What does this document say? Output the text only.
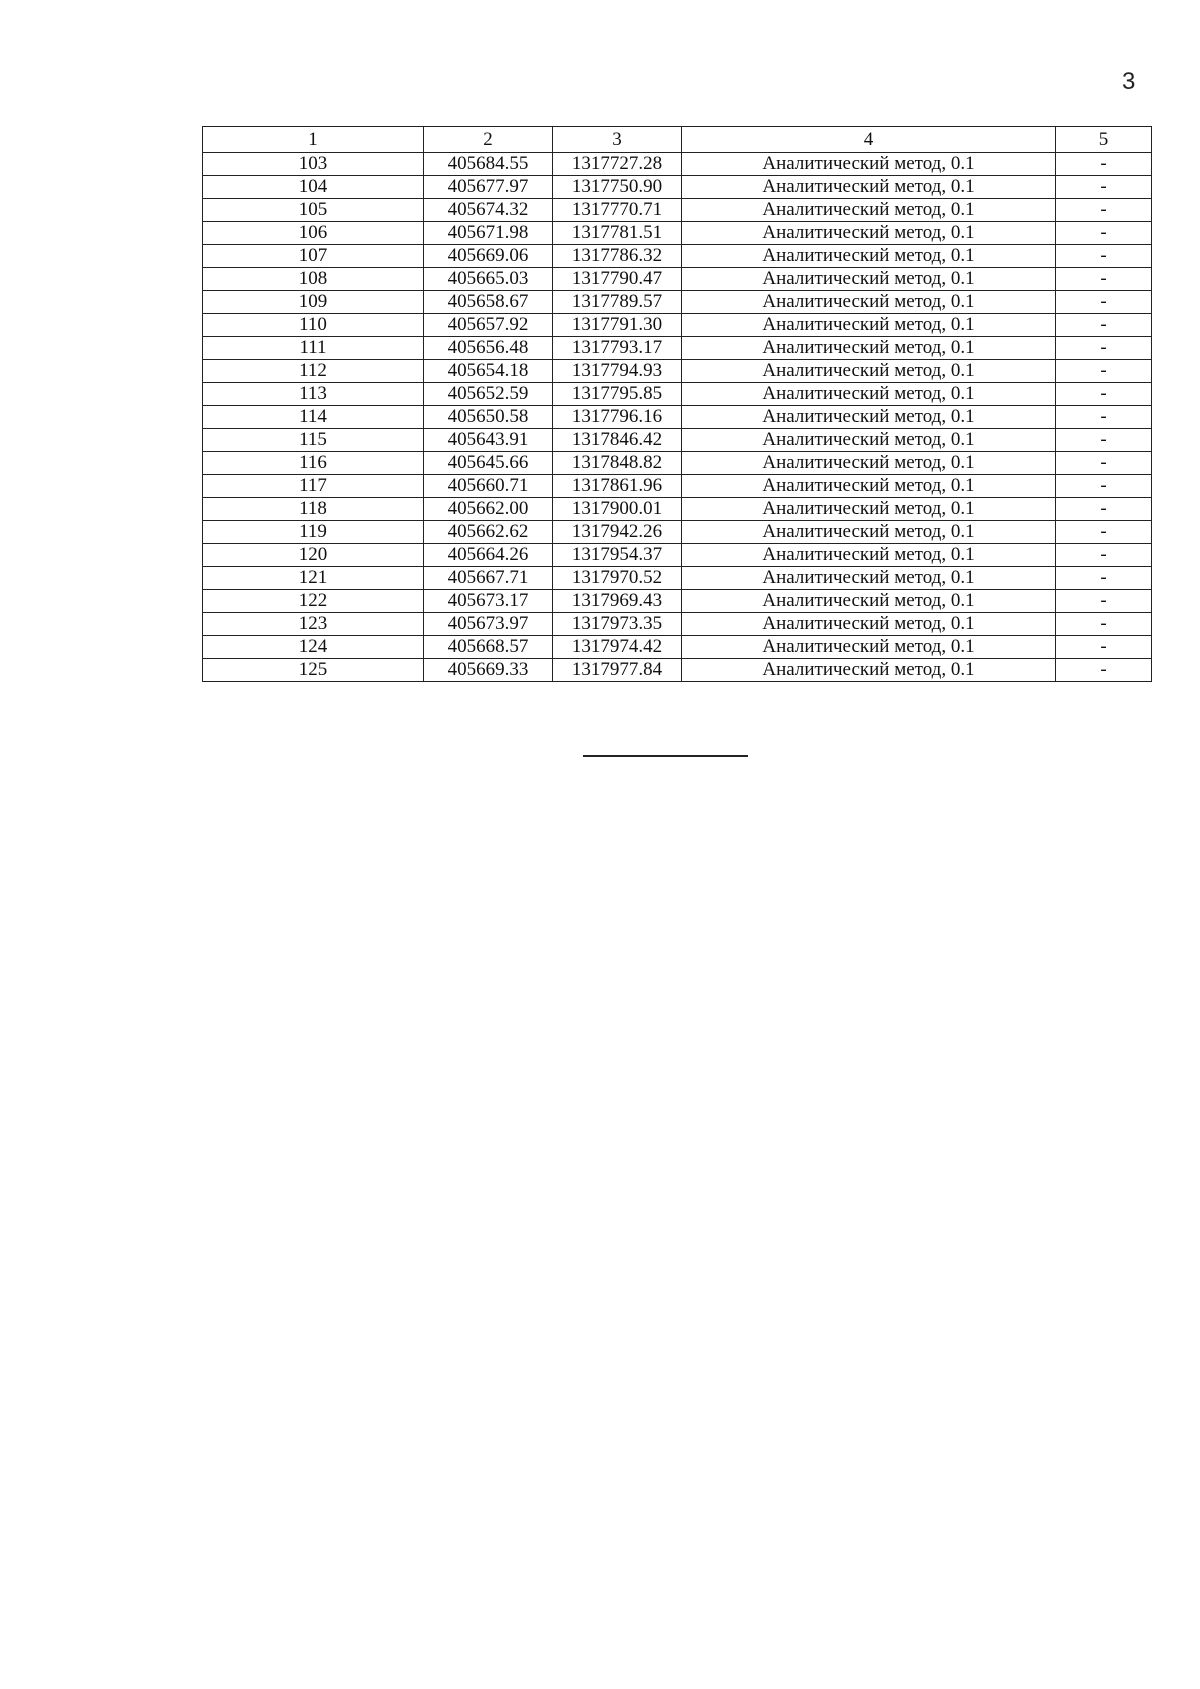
3
1	2	3	4	5
103	405684.55	1317727.28	Аналитический метод, 0.1	-
104	405677.97	1317750.90	Аналитический метод, 0.1	-
105	405674.32	1317770.71	Аналитический метод, 0.1	-
106	405671.98	1317781.51	Аналитический метод, 0.1	-
107	405669.06	1317786.32	Аналитический метод, 0.1	-
108	405665.03	1317790.47	Аналитический метод, 0.1	-
109	405658.67	1317789.57	Аналитический метод, 0.1	-
110	405657.92	1317791.30	Аналитический метод, 0.1	-
111	405656.48	1317793.17	Аналитический метод, 0.1	-
112	405654.18	1317794.93	Аналитический метод, 0.1	-
113	405652.59	1317795.85	Аналитический метод, 0.1	-
114	405650.58	1317796.16	Аналитический метод, 0.1	-
115	405643.91	1317846.42	Аналитический метод, 0.1	-
116	405645.66	1317848.82	Аналитический метод, 0.1	-
117	405660.71	1317861.96	Аналитический метод, 0.1	-
118	405662.00	1317900.01	Аналитический метод, 0.1	-
119	405662.62	1317942.26	Аналитический метод, 0.1	-
120	405664.26	1317954.37	Аналитический метод, 0.1	-
121	405667.71	1317970.52	Аналитический метод, 0.1	-
122	405673.17	1317969.43	Аналитический метод, 0.1	-
123	405673.97	1317973.35	Аналитический метод, 0.1	-
124	405668.57	1317974.42	Аналитический метод, 0.1	-
125	405669.33	1317977.84	Аналитический метод, 0.1	-
